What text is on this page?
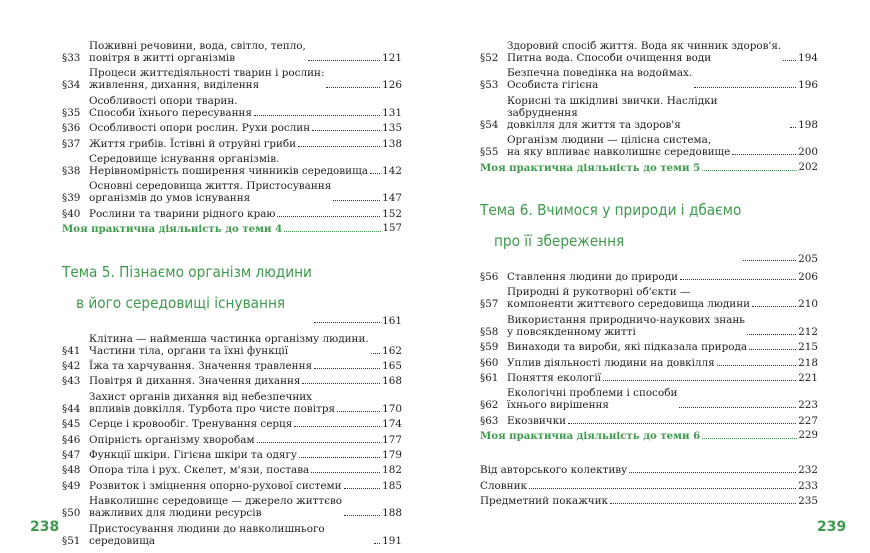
§33
Поживні речовини, вода, світло, тепло,
повітря в житті організмів	121
§34
Процеси життєдіяльності тварин і рослин:
живлення, дихання, виділення	126
§35
Особливості опори тварин.
Способи їхнього пересування	131
§36 Особливості опори рослин. Рухи рослин	135
§37 Життя грибів. Їстівні й отруйні гриби	138
§38
Середовище існування організмів.
Нерівномірність поширення чинників середовища 142
§39
Основні середовища життя. Пристосування
організмів до умов існування	147
§40 Рослини та тварини рідного краю	152
Моя практична діяльність до теми 4	157

Тема 5. Пізнаємо організм людини

в його середовищі існування

161
§41
Клітина — найменша частинка організму людини.
Частини тіла, органи та їхні функції	162
§42 Їжа та харчування. Значення травлення	165
§43 Повітря й дихання. Значення дихання	168
§44
Захист органів дихання від небезпечних
впливів довкілля. Турбота про чисте повітря	170
§45 Серце і кровообіг. Тренування серця	174
§46 Опірність організму хворобам	177
§47 Функції шкіри. Гігієна шкіри та одягу	179
§48 Опора тіла і рух. Скелет, м'язи, постава	182
§49 Розвиток і зміцнення опорно-рухової системи	185
§50
Навколишнє середовище — джерело життєво
важливих для людини ресурсів	188
§51
Пристосування людини до навколишнього середовища	191
§52
Здоровий спосіб життя. Вода як чинник здоров'я.
Питна вода. Способи очищення води	194
§53
Безпечна поведінка на водоймах.
Особиста гігієна	196
§54
Корисні та шкідливі звички. Наслідки забруднення
довкілля для життя та здоров'я	198
§55
Організм людини — цілісна система,
на яку впливає навколишнє середовище	200
Моя практична діяльність до теми 5	202

Тема 6. Вчимося у природи і дбаємо

про її збереження

205
§56 Ставлення людини до природи	206
§57
Природні й рукотворні об'єкти —
компоненти життєвого середовища людини	210
§58
Використання природничо-наукових знань
у повсякденному житті	212
§59 Винаходи та вироби, які підказала природа	215
§60 Уплив діяльності людини на довкілля	218
§61 Поняття екології	221
§62
Екологічні проблеми і способи
їхнього вирішення	223
§63 Екозвички	227
Моя практична діяльність до теми 6	229
Від авторського колективу	232
Словник	233
Предметний покажчик	235
238	239
